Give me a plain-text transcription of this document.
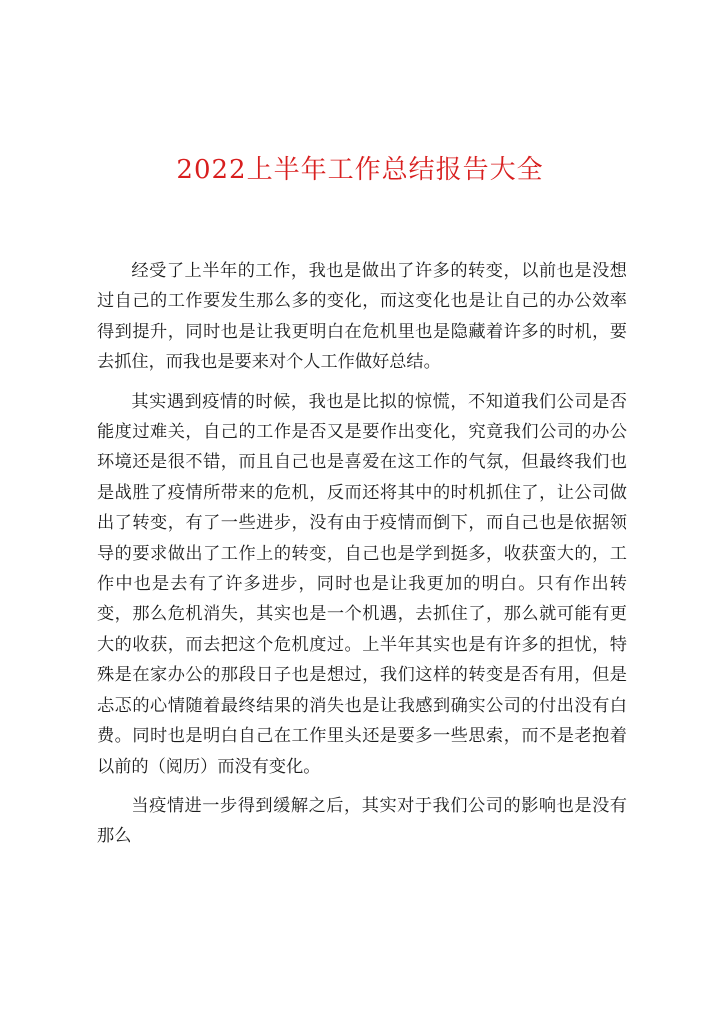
2022上半年工作总结报告大全

经受了上半年的工作，我也是做出了许多的转变，以前也是没想过自己的工作要发生那么多的变化，而这变化也是让自己的办公效率得到提升，同时也是让我更明白在危机里也是隐藏着许多的时机，要去抓住，而我也是要来对个人工作做好总结。

其实遇到疫情的时候，我也是比拟的惊慌，不知道我们公司是否能度过难关，自己的工作是否又是要作出变化，究竟我们公司的办公环境还是很不错，而且自己也是喜爱在这工作的气氛，但最终我们也是战胜了疫情所带来的危机，反而还将其中的时机抓住了，让公司做出了转变，有了一些进步，没有由于疫情而倒下，而自己也是依据领导的要求做出了工作上的转变，自己也是学到挺多，收获蛮大的，工作中也是去有了许多进步，同时也是让我更加的明白。只有作出转变，那么危机消失，其实也是一个机遇，去抓住了，那么就可能有更大的收获，而去把这个危机度过。上半年其实也是有许多的担忧，特殊是在家办公的那段日子也是想过，我们这样的转变是否有用，但是忐忑的心情随着最终结果的消失也是让我感到确实公司的付出没有白费。同时也是明白自己在工作里头还是要多一些思索，而不是老抱着以前的（阅历）而没有变化。

当疫情进一步得到缓解之后，其实对于我们公司的影响也是没有那么
